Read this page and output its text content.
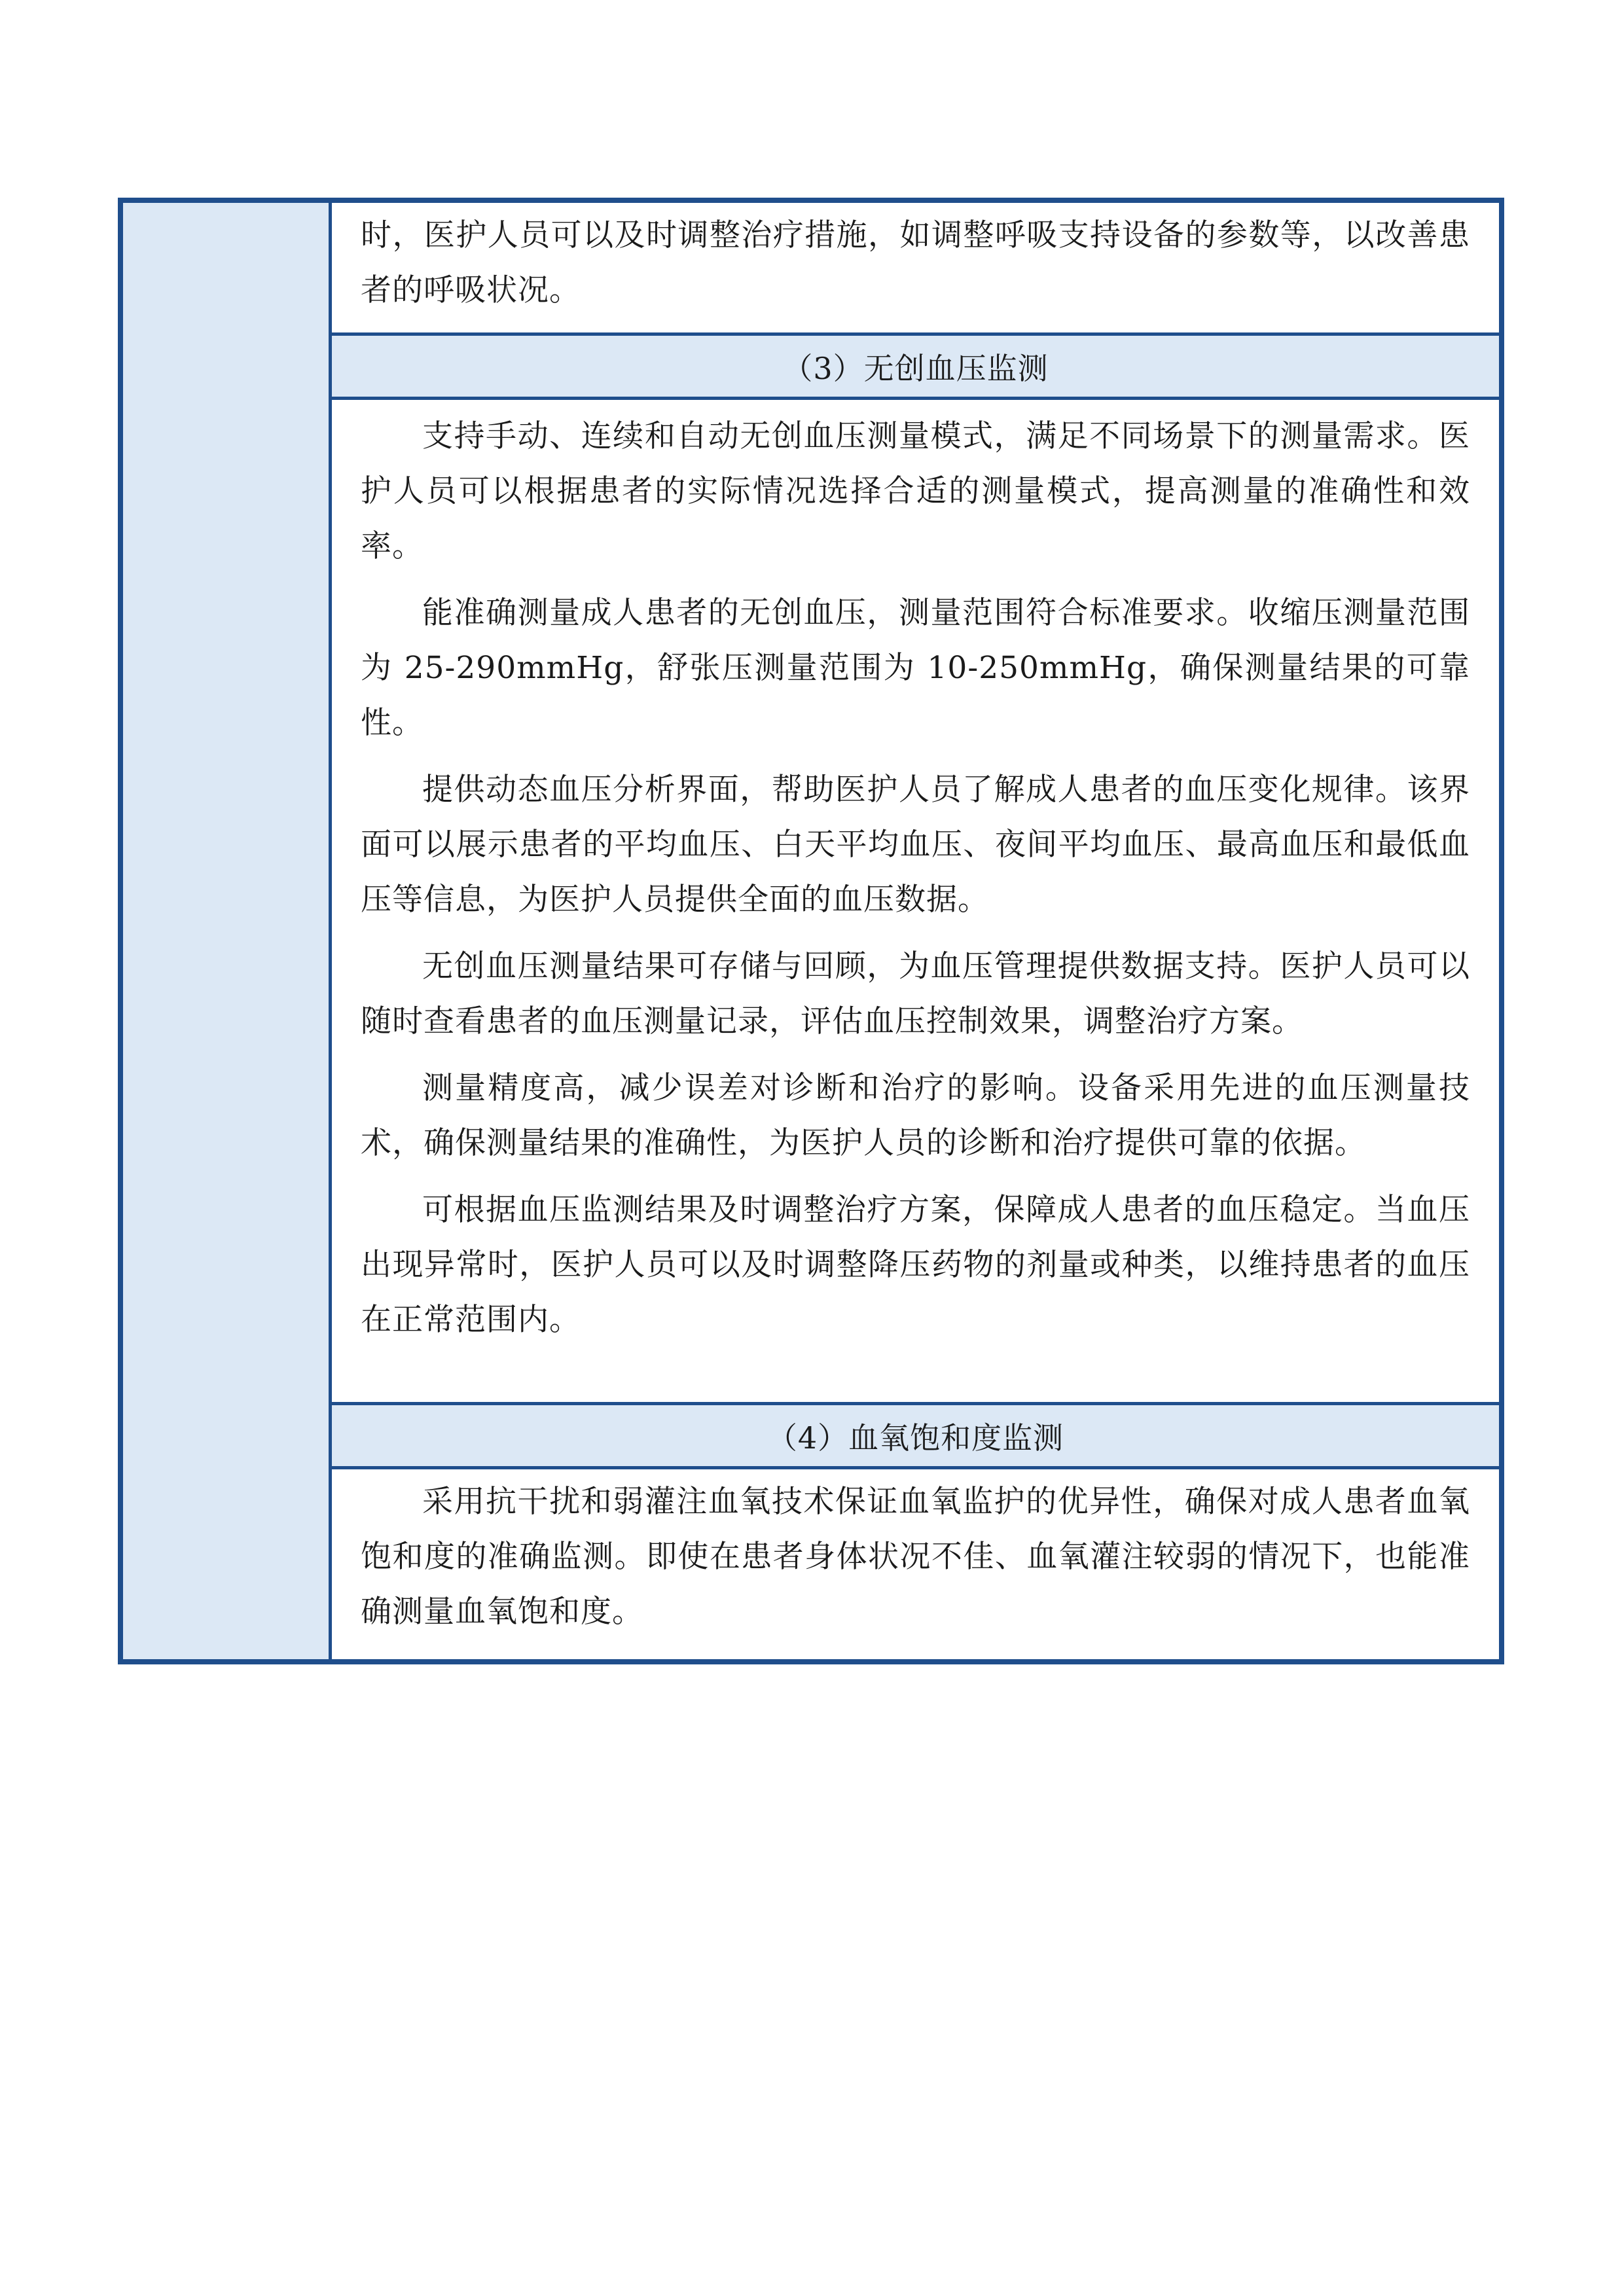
时，医护人员可以及时调整治疗措施，如调整呼吸支持设备的参数等，以改善患者的呼吸状况。

（3）无创血压监测

支持手动、连续和自动无创血压测量模式，满足不同场景下的测量需求。医护人员可以根据患者的实际情况选择合适的测量模式，提高测量的准确性和效率。

能准确测量成人患者的无创血压，测量范围符合标准要求。收缩压测量范围为 25-290mmHg，舒张压测量范围为 10-250mmHg，确保测量结果的可靠性。

提供动态血压分析界面，帮助医护人员了解成人患者的血压变化规律。该界面可以展示患者的平均血压、白天平均血压、夜间平均血压、最高血压和最低血压等信息，为医护人员提供全面的血压数据。

无创血压测量结果可存储与回顾，为血压管理提供数据支持。医护人员可以随时查看患者的血压测量记录，评估血压控制效果，调整治疗方案。

测量精度高，减少误差对诊断和治疗的影响。设备采用先进的血压测量技术，确保测量结果的准确性，为医护人员的诊断和治疗提供可靠的依据。

可根据血压监测结果及时调整治疗方案，保障成人患者的血压稳定。当血压出现异常时，医护人员可以及时调整降压药物的剂量或种类，以维持患者的血压在正常范围内。

（4）血氧饱和度监测

采用抗干扰和弱灌注血氧技术保证血氧监护的优异性，确保对成人患者血氧饱和度的准确监测。即使在患者身体状况不佳、血氧灌注较弱的情况下，也能准确测量血氧饱和度。
